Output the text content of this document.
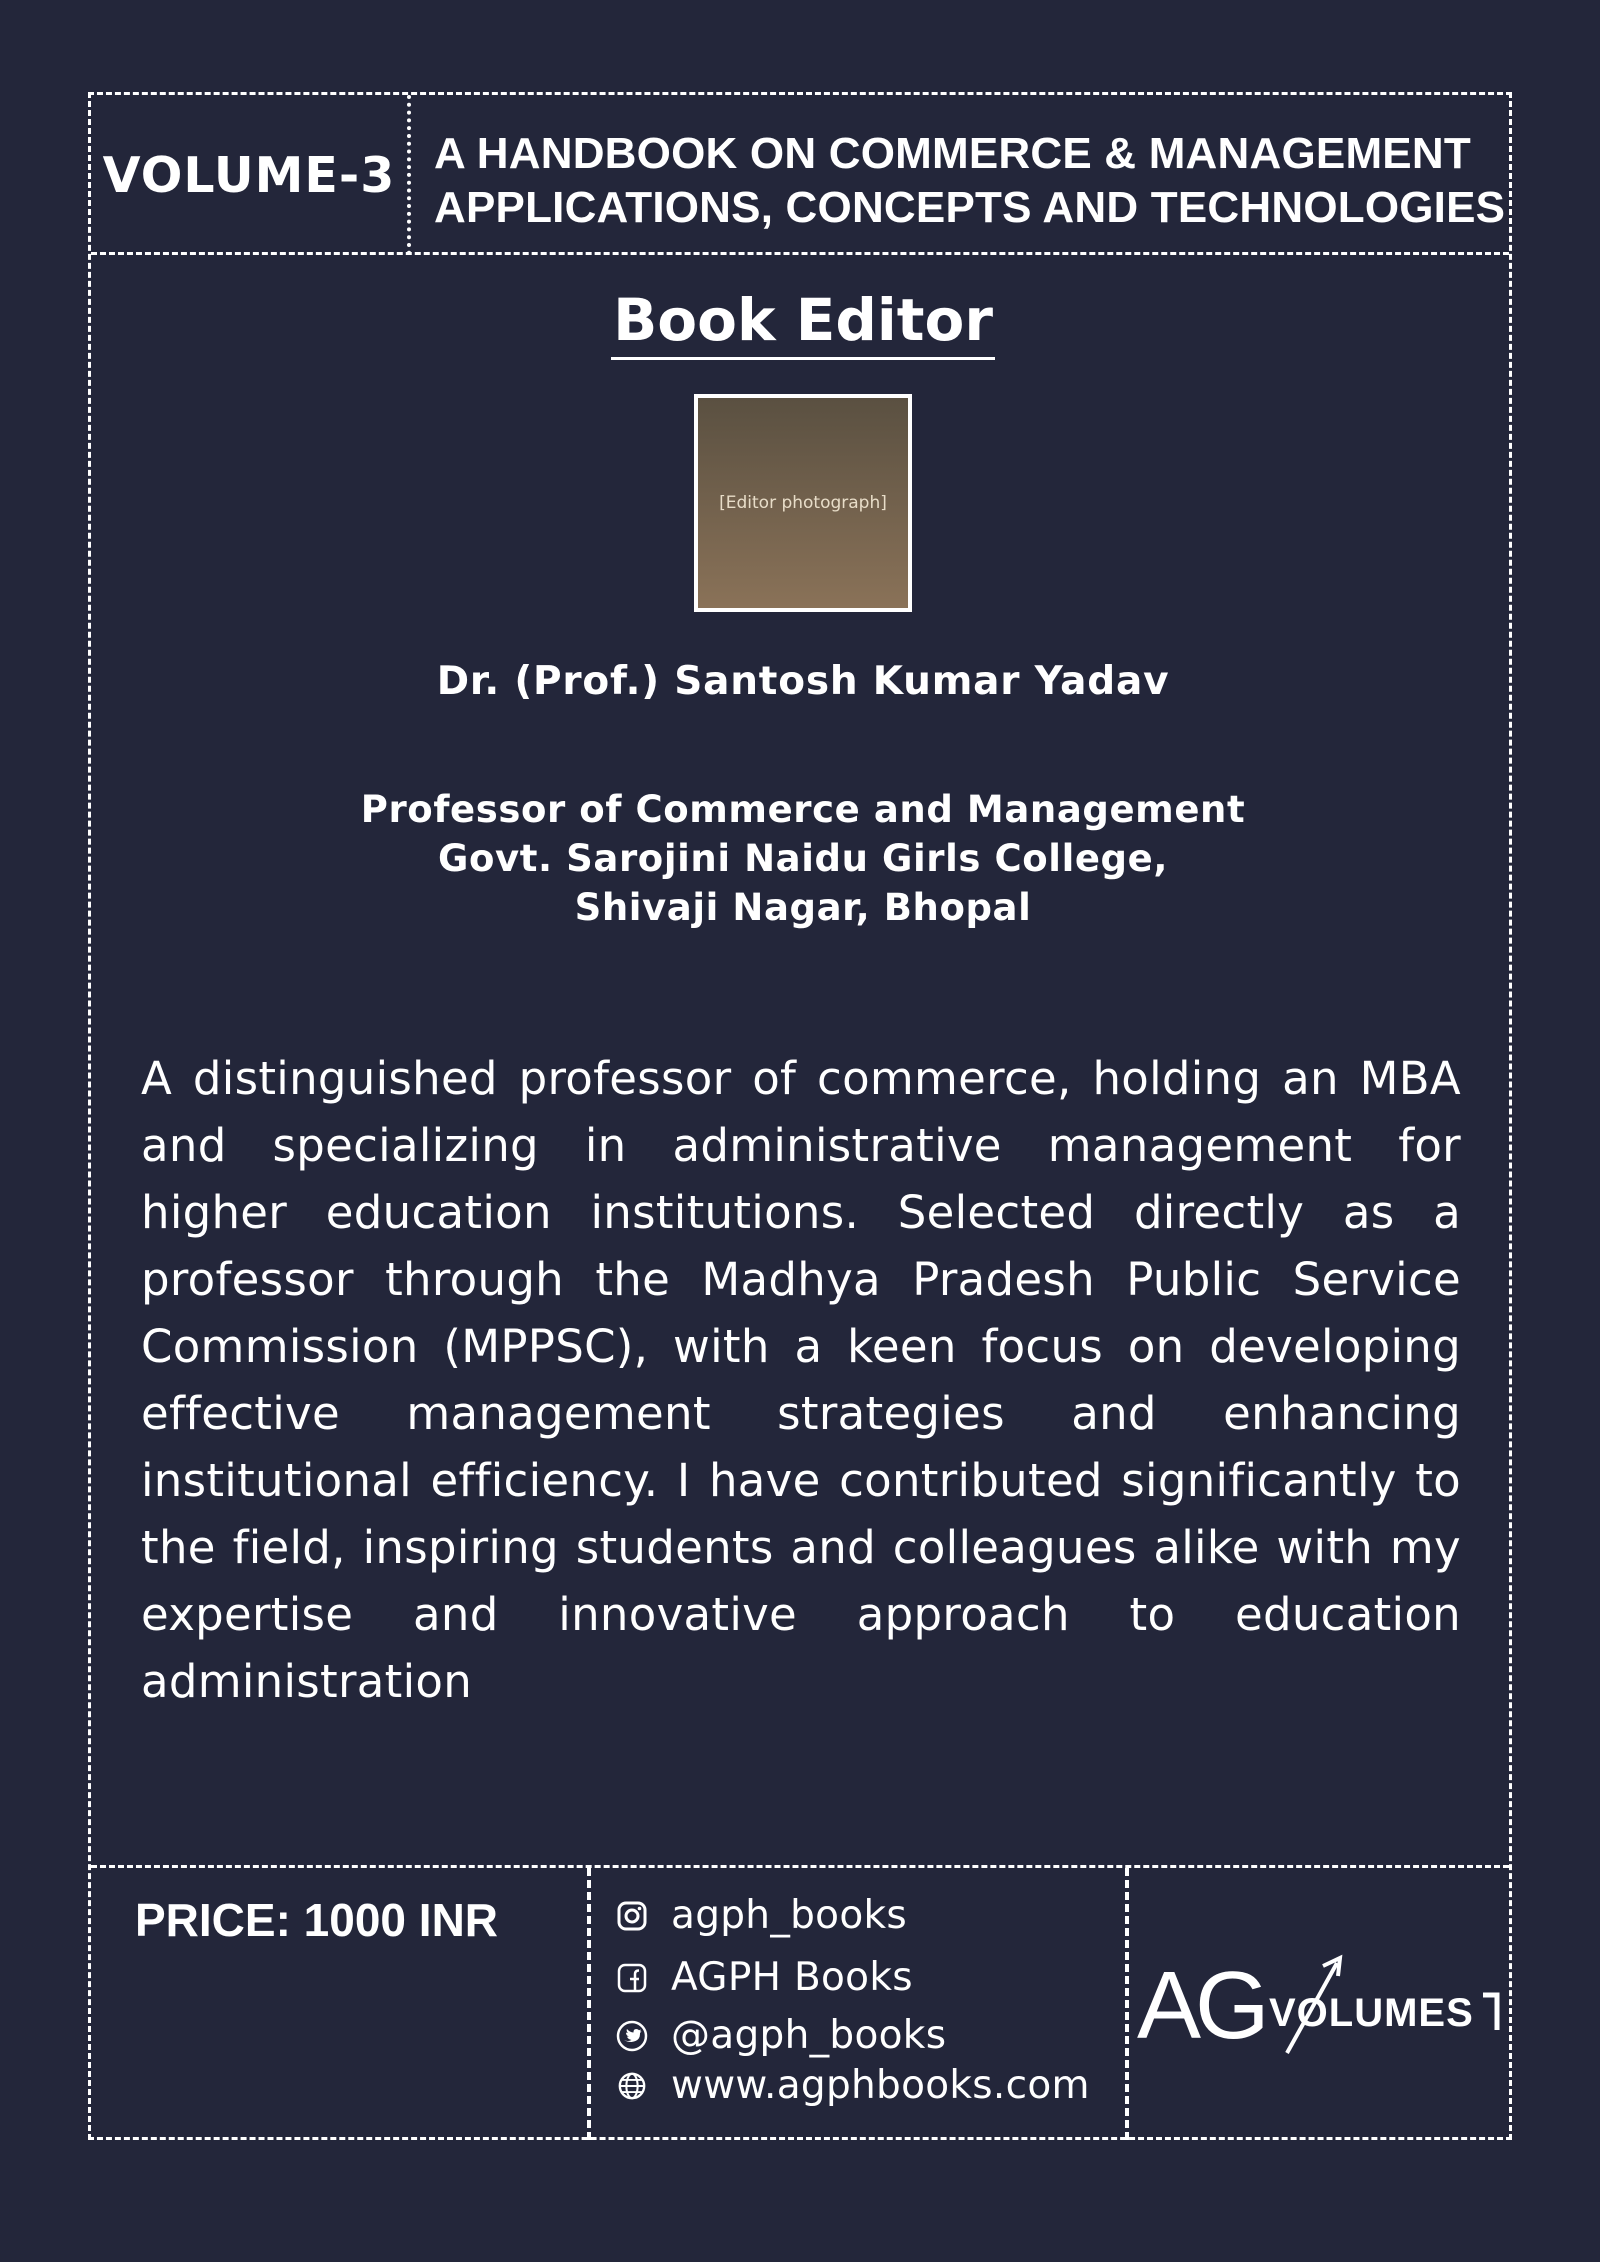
VOLUME-3 A HANDBOOK ON COMMERCE & MANAGEMENT
APPLICATIONS, CONCEPTS AND TECHNOLOGIES
Book Editor
[Editor photograph]
Dr. (Prof.) Santosh Kumar Yadav
Professor of Commerce and Management
Govt. Sarojini Naidu Girls College,
Shivaji Nagar, Bhopal

A distinguished professor of commerce, holding an MBA and specializing in administrative management for higher education institutions. Selected directly as a professor through the Madhya Pradesh Public Service Commission (MPPSC), with a keen focus on developing effective management strategies and enhancing institutional efficiency. I have contributed significantly to the field, inspiring students and colleagues alike with my expertise and innovative approach to education administration

PRICE: 1000 INR	agph_books
AGPH Books
@agph_books
www.agphbooks.com
AG VOLUMES
